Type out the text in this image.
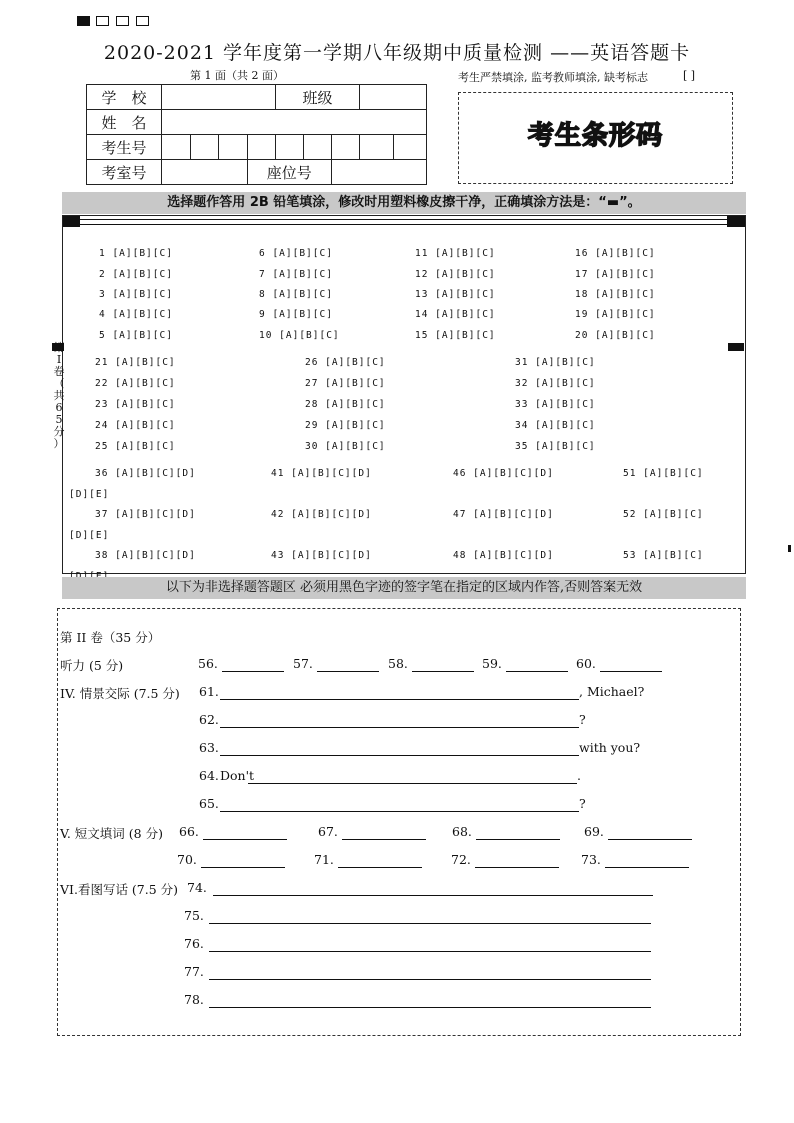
2020-2021 学年度第一学期八年级期中质量检测 ——英语答题卡
第 1 面（共 2 面）	考生严禁填涂, 监考教师填涂, 缺考标志	[ ]
学　校					班级				
姓　名									
考生号									
考室号				座位号					
考生条形码
选择题作答用 2B 铅笔填涂，修改时用塑料橡皮擦干净，正确填涂方法是：“▬”。
1 [A][B][C]	6 [A][B][C]	11 [A][B][C]	16 [A][B][C]
2 [A][B][C]	7 [A][B][C]	12 [A][B][C]	17 [A][B][C]
3 [A][B][C]	8 [A][B][C]	13 [A][B][C]	18 [A][B][C]
4 [A][B][C]	9 [A][B][C]	14 [A][B][C]	19 [A][B][C]
5 [A][B][C]	10 [A][B][C]	15 [A][B][C]	20 [A][B][C]
21 [A][B][C]	26 [A][B][C]	31 [A][B][C]
22 [A][B][C]	27 [A][B][C]	32 [A][B][C]
23 [A][B][C]	28 [A][B][C]	33 [A][B][C]
24 [A][B][C]	29 [A][B][C]	34 [A][B][C]
25 [A][B][C]	30 [A][B][C]	35 [A][B][C]
36 [A][B][C][D]	41 [A][B][C][D]	46 [A][B][C][D]	51 [A][B][C]
[D][E]
37 [A][B][C][D]	42 [A][B][C][D]	47 [A][B][C][D]	52 [A][B][C]
[D][E]
38 [A][B][C][D]	43 [A][B][C][D]	48 [A][B][C][D]	53 [A][B][C]
第
Ⅰ
卷
（
共
6
5
分
）
以下为非选择题答题区 必须用黑色字迹的签字笔在指定的区域内作答,否则答案无效
第 II 卷（35 分）
听力 (5 分)	56.	57.	58.	59.	60.
IV. 情景交际 (7.5 分) 61.	, Michael?
62.	?
63.	with you?
64. Don't	.
65.	?
V. 短文填词 (8 分) 66.	67.	68.	69.
70.	71.	72.	73.
VI.看图写话 (7.5 分) 74.
75.
76.
77.
78.
